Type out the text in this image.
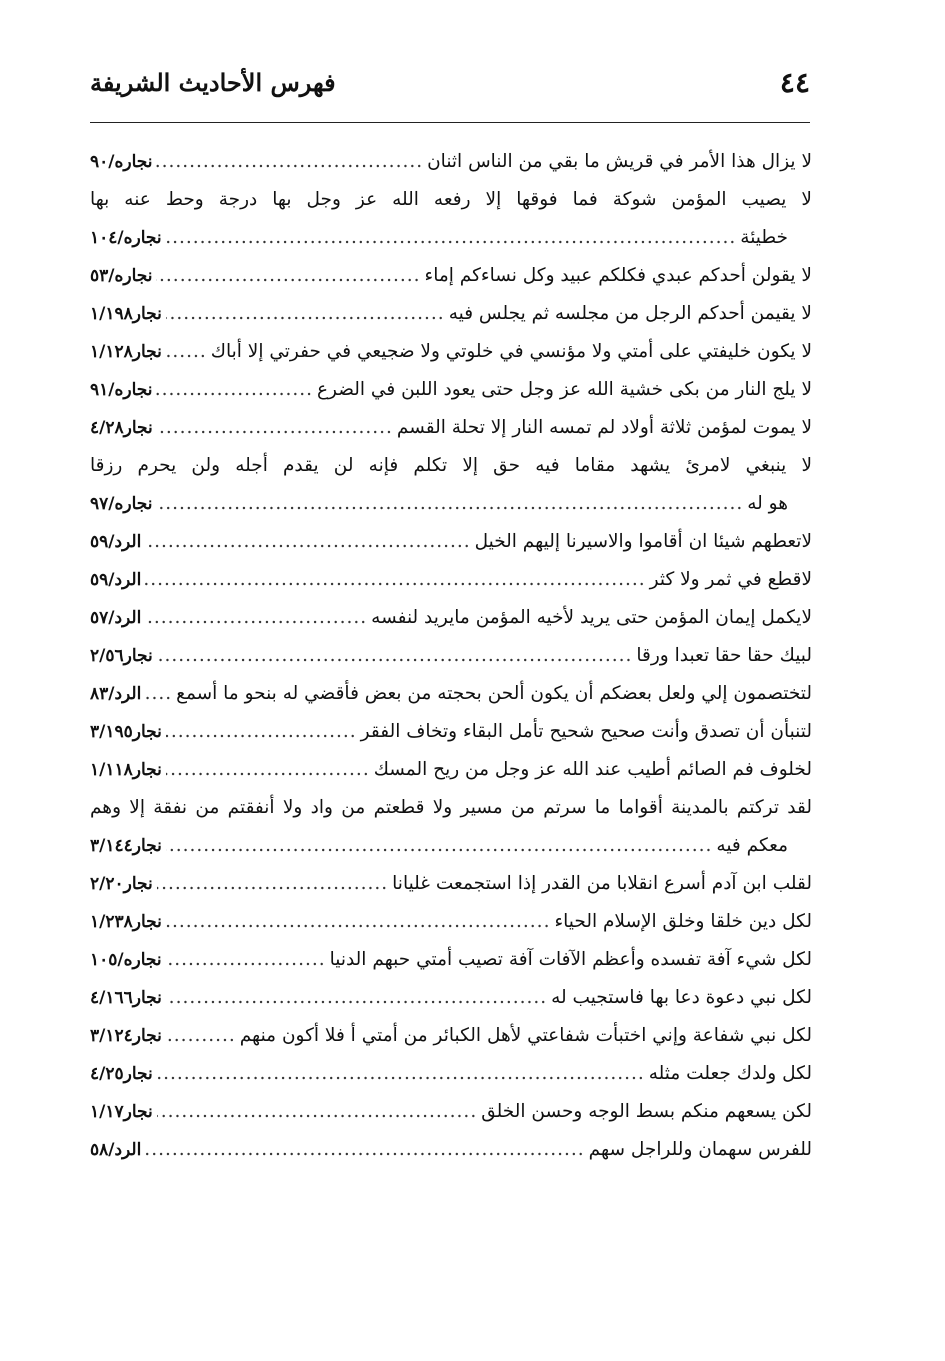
٤٤
فهرس الأحاديث الشريفة
لا يزال هذا الأمر في قريش ما بقي من الناس اثنان
.....
نجاره/٩٠
لا يصيب المؤمن شوكة فما فوقها إلا رفعه الله عز وجل بها درجة وحط عنه بها
خطيئة
.....
نجاره/١٠٤
لا يقولن أحدكم عبدي فكلكم عبيد وكل نساءكم إماء
.....
نجاره/٥٣
لا يقيمن أحدكم الرجل من مجلسه ثم يجلس فيه
.....
نجار١/١٩٨
لا يكون خليفتي على أمتي ولا مؤنسي في خلوتي ولا ضجيعي في حفرتي إلا أباك
.....
نجار١/١٢٨
لا يلج النار من بكى خشية الله عز وجل حتى يعود اللبن في الضرع
.....
نجاره/٩١
لا يموت لمؤمن ثلاثة أولاد لم تمسه النار إلا تحلة القسم
.....
نجار٤/٢٨
لا ينبغي لامرئ يشهد مقاما فيه حق إلا تكلم فإنه لن يقدم أجله ولن يحرم رزقا
هو له
.....
نجاره/٩٧
لاتعطهم شيئا ان أقاموا والاسيرنا إليهم الخيل
.....
الرد/٥٩
لاقطع في ثمر ولا كثر
.....
الرد/٥٩
لايكمل إيمان المؤمن حتى يريد لأخيه المؤمن مايريد لنفسه
.....
الرد/٥٧
لبيك حقا حقا تعبدا ورقا
.....
نجار٢/٥٦
لتختصمون إلي ولعل بعضكم أن يكون ألحن بحجته من بعض فأقضي له بنحو ما أسمع
.....
الرد/٨٣
لتنبأن أن تصدق وأنت صحيح شحيح تأمل البقاء وتخاف الفقر
.....
نجار٣/١٩٥
لخلوف فم الصائم أطيب عند الله عز وجل من ريح المسك
.....
نجار١/١١٨
لقد تركتم بالمدينة أقواما ما سرتم من مسير ولا قطعتم من واد ولا أنفقتم من نفقة إلا وهم
معكم فيه
.....
نجار٣/١٤٤
لقلب ابن آدم أسرع انقلابا من القدر إذا استجمعت غليانا
.....
نجار٢/٢٠
لكل دين خلقا وخلق الإسلام الحياء
.....
نجار١/٢٣٨
لكل شيء آفة تفسده وأعظم الآفات آفة تصيب أمتي حبهم الدنيا
.....
نجاره/١٠٥
لكل نبي دعوة دعا بها فاستجيب له
.....
نجار٤/١٦٦
لكل نبي شفاعة وإني اختبأت شفاعتي لأهل الكبائر من أمتي أ فلا أكون منهم
.....
نجار٣/١٢٤
لكل ولدك جعلت مثله
.....
نجار٤/٢٥
لكن يسعهم منكم بسط الوجه وحسن الخلق
.....
نجار١/١٧
للفرس سهمان وللراجل سهم
.....
الرد/٥٨
